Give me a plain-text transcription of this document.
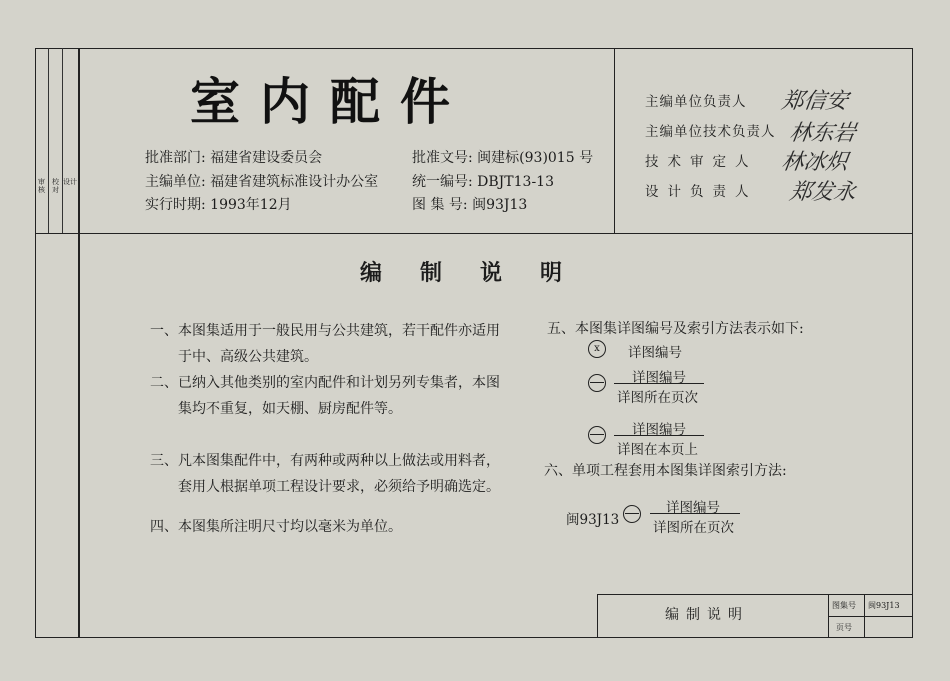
审核
校对
设计
室内配件
批准部门: 福建省建设委员会
主编单位: 福建省建筑标准设计办公室
实行时期: 1993年12月
批准文号: 闽建标(93)015 号
统一编号: DBJT13-13
图 集 号: 闽93J13
主编单位负责人 郑信安
主编单位技术负责人 林东岩
技术审定人 林冰炽
设计负责人 郑发永
编制说明
一、本图集适用于一般民用与公共建筑，若干配件亦适用于中、高级公共建筑。
二、已纳入其他类别的室内配件和计划另列专集者，本图集均不重复，如天棚、厨房配件等。
三、凡本图集配件中，有两种或两种以上做法或用料者，套用人根据单项工程设计要求，必须给予明确选定。
四、本图集所注明尺寸均以毫米为单位。
五、本图集详图编号及索引方法表示如下:
x	详图编号
详图编号
详图所在页次
详图编号
详图在本页上
六、单项工程套用本图集详图索引方法:
闽93J13
详图编号
详图所在页次
编制说明
图集号 闽93J13
页号
